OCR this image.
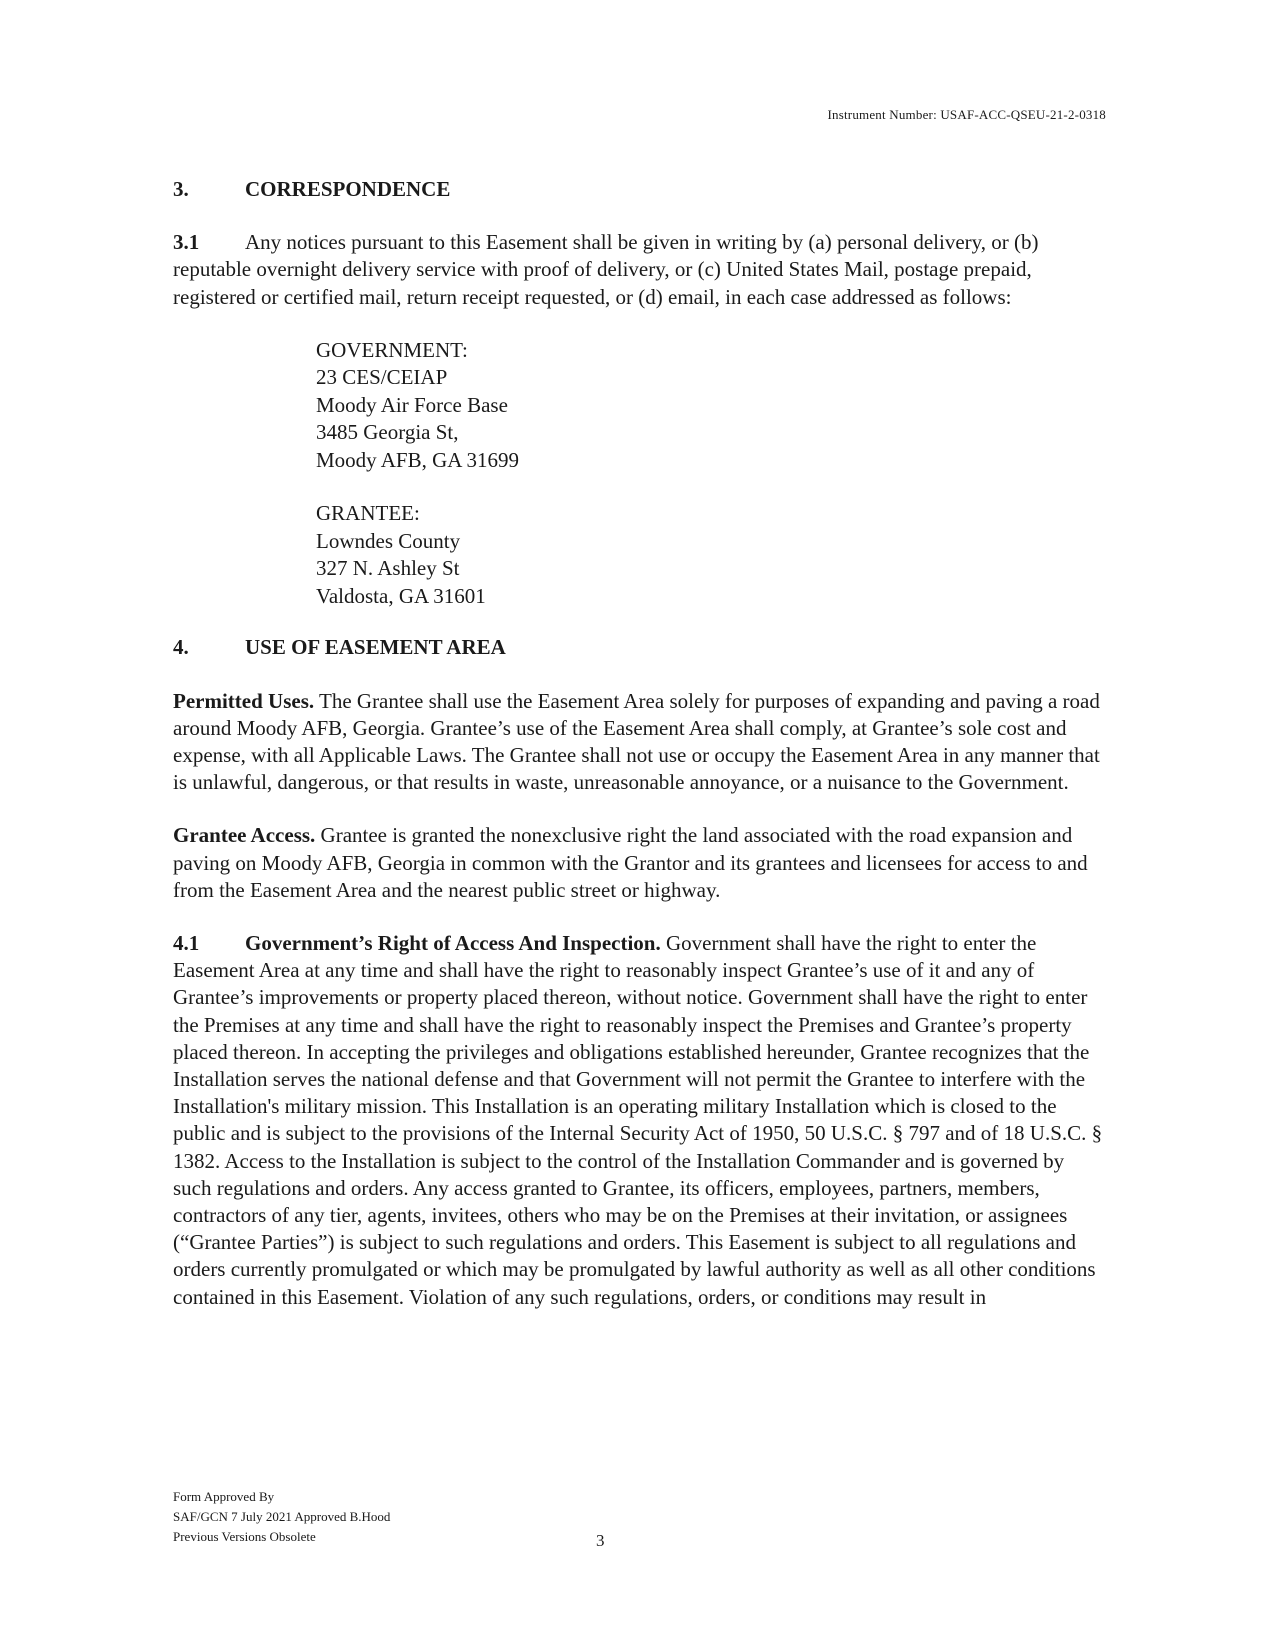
Instrument Number: USAF-ACC-QSEU-21-2-0318
3.	CORRESPONDENCE

3.1 Any notices pursuant to this Easement shall be given in writing by (a) personal delivery, or (b) reputable overnight delivery service with proof of delivery, or (c) United States Mail, postage prepaid, registered or certified mail, return receipt requested, or (d) email, in each case addressed as follows:

GOVERNMENT:
23 CES/CEIAP
Moody Air Force Base
3485 Georgia St,
Moody AFB, GA 31699
GRANTEE:
Lowndes County
327 N. Ashley St
Valdosta, GA 31601
4.	USE OF EASEMENT AREA

Permitted Uses. The Grantee shall use the Easement Area solely for purposes of expanding and paving a road around Moody AFB, Georgia. Grantee’s use of the Easement Area shall comply, at Grantee’s sole cost and expense, with all Applicable Laws. The Grantee shall not use or occupy the Easement Area in any manner that is unlawful, dangerous, or that results in waste, unreasonable annoyance, or a nuisance to the Government.

Grantee Access. Grantee is granted the nonexclusive right the land associated with the road expansion and paving on Moody AFB, Georgia in common with the Grantor and its grantees and licensees for access to and from the Easement Area and the nearest public street or highway.

4.1 Government’s Right of Access And Inspection. Government shall have the right to enter the Easement Area at any time and shall have the right to reasonably inspect Grantee’s use of it and any of Grantee’s improvements or property placed thereon, without notice. Government shall have the right to enter the Premises at any time and shall have the right to reasonably inspect the Premises and Grantee’s property placed thereon. In accepting the privileges and obligations established hereunder, Grantee recognizes that the Installation serves the national defense and that Government will not permit the Grantee to interfere with the Installation's military mission. This Installation is an operating military Installation which is closed to the public and is subject to the provisions of the Internal Security Act of 1950, 50 U.S.C. § 797 and of 18 U.S.C. § 1382. Access to the Installation is subject to the control of the Installation Commander and is governed by such regulations and orders. Any access granted to Grantee, its officers, employees, partners, members, contractors of any tier, agents, invitees, others who may be on the Premises at their invitation, or assignees (“Grantee Parties”) is subject to such regulations and orders. This Easement is subject to all regulations and orders currently promulgated or which may be promulgated by lawful authority as well as all other conditions contained in this Easement. Violation of any such regulations, orders, or conditions may result in

Form Approved By
SAF/GCN 7 July 2021 Approved B.Hood
Previous Versions Obsolete	3
